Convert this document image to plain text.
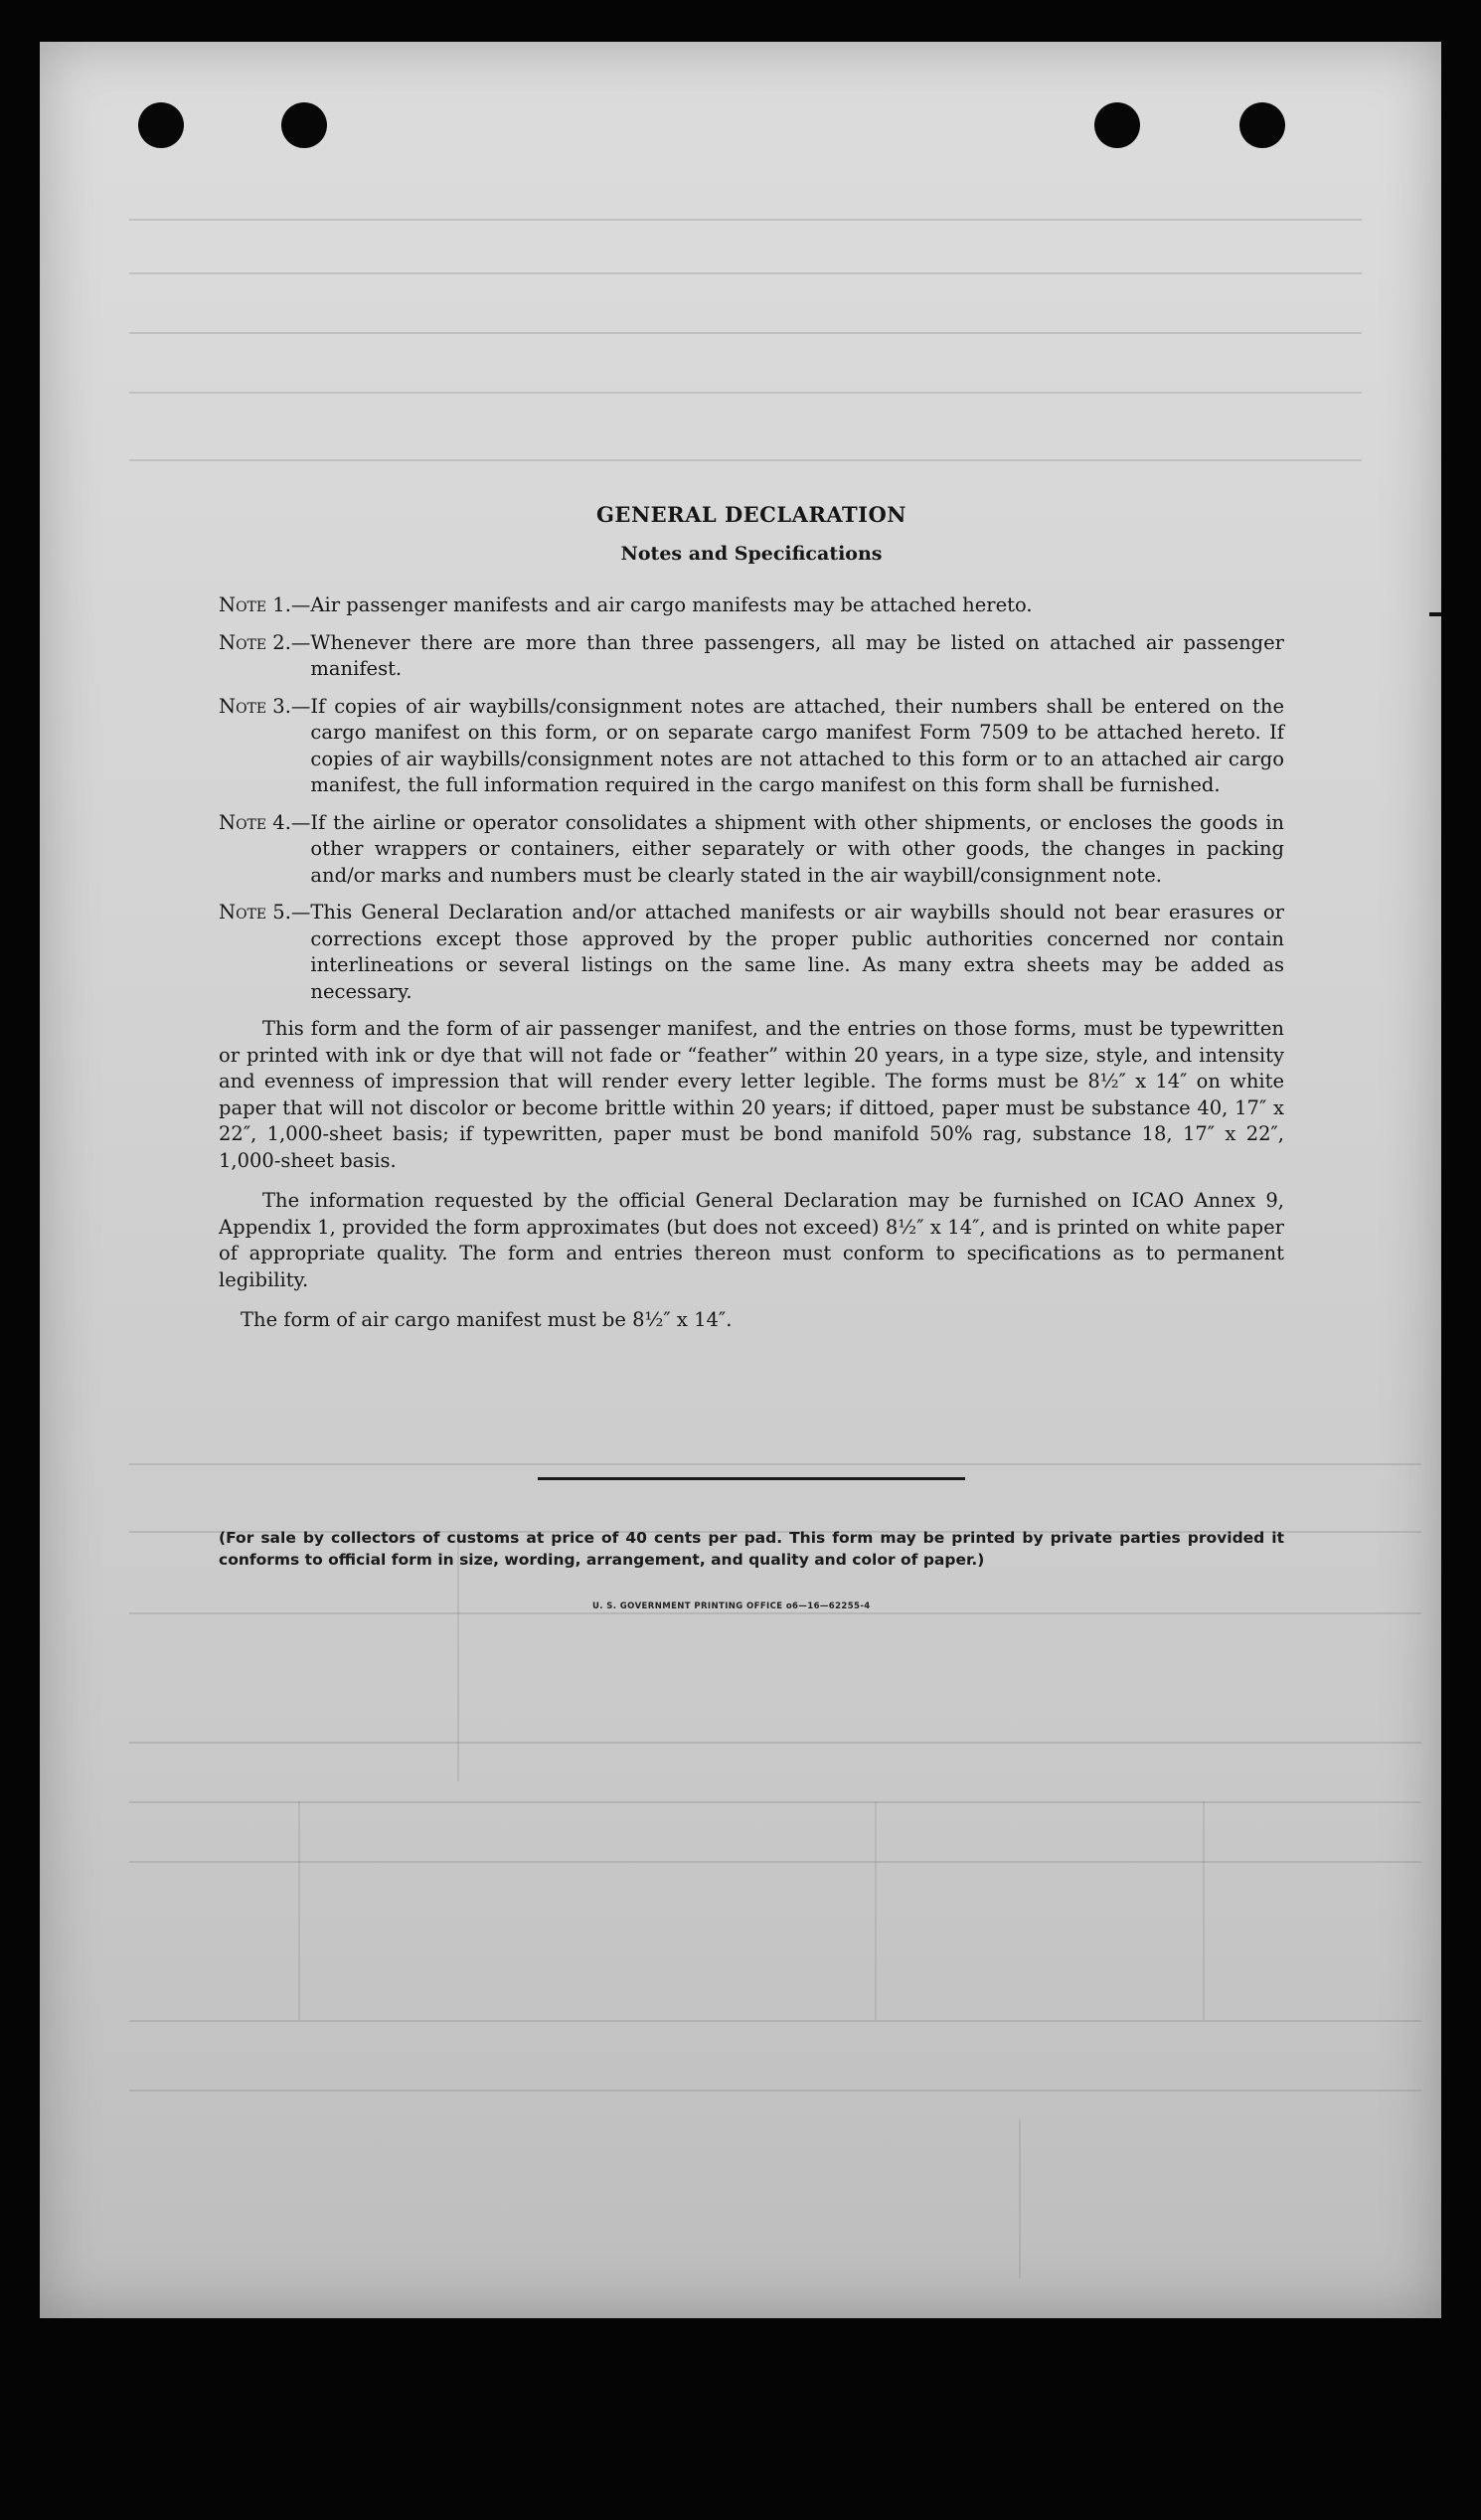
GENERAL DECLARATION

Notes and Specifications

Note 1.— Air passenger manifests and air cargo manifests may be attached hereto.
Note 2.— Whenever there are more than three passengers, all may be listed on attached air passenger manifest.
Note 3.— If copies of air waybills/consignment notes are attached, their numbers shall be entered on the cargo manifest on this form, or on separate cargo manifest Form 7509 to be attached hereto. If copies of air waybills/consignment notes are not attached to this form or to an attached air cargo manifest, the full information required in the cargo manifest on this form shall be furnished.
Note 4.— If the airline or operator consolidates a shipment with other shipments, or encloses the goods in other wrappers or containers, either separately or with other goods, the changes in packing and/or marks and numbers must be clearly stated in the air waybill/consignment note.
Note 5.— This General Declaration and/or attached manifests or air waybills should not bear erasures or corrections except those approved by the proper public authorities concerned nor contain interlineations or several listings on the same line. As many extra sheets may be added as necessary.

This form and the form of air passenger manifest, and the entries on those forms, must be typewritten or printed with ink or dye that will not fade or “feather” within 20 years, in a type size, style, and intensity and evenness of impression that will render every letter legible. The forms must be 8½″ x 14″ on white paper that will not discolor or become brittle within 20 years; if dittoed, paper must be substance 40, 17″ x 22″, 1,000-sheet basis; if typewritten, paper must be bond manifold 50% rag, substance 18, 17″ x 22″, 1,000-sheet basis.

The information requested by the official General Declaration may be furnished on ICAO Annex 9, Appendix 1, provided the form approximates (but does not exceed) 8½″ x 14″, and is printed on white paper of appropriate quality. The form and entries thereon must conform to specifications as to permanent legibility.

The form of air cargo manifest must be 8½″ x 14″.

(For sale by collectors of customs at price of 40 cents per pad. This form may be printed by private parties provided it conforms to official form in size, wording, arrangement, and quality and color of paper.)
U. S. GOVERNMENT PRINTING OFFICE o6—16—62255-4
